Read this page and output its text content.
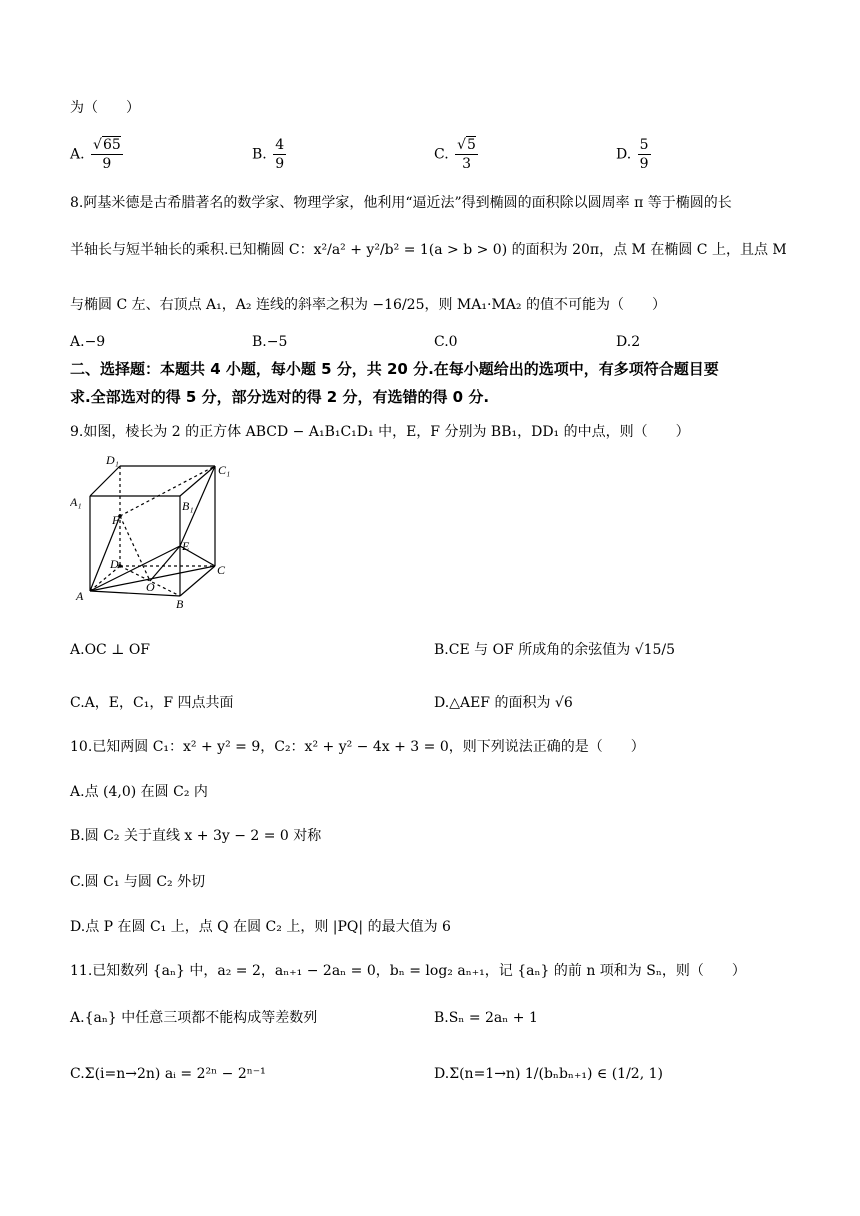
为（　　）
A. √ $\frac{65}{9}$	B. $\frac{4}{9}$	C. √ $\frac{5}{3}$	D. $\frac{5}{9}$
8.阿基米德是古希腊著名的数学家、物理学家，他利用“逼近法”得到椭圆的面积除以圆周率 π 等于椭圆的长
半轴长与短半轴长的乘积.已知椭圆 C：x²/a² + y²/b² = 1(a > b > 0) 的面积为 20π，点 M 在椭圆 C 上，且点 M
与椭圆 C 左、右顶点 A₁，A₂ 连线的斜率之积为 −16/25，则 MA₁·MA₂ 的值不可能为（　　）
A.−9	B.−5	C.0	D.2
二、选择题：本题共 4 小题，每小题 5 分，共 20 分.在每小题给出的选项中，有多项符合题目要
求.全部选对的得 5 分，部分选对的得 2 分，有选错的得 0 分.
9.如图，棱长为 2 的正方体 ABCD − A₁B₁C₁D₁ 中，E，F 分别为 BB₁，DD₁ 的中点，则（　　）
D₁
C₁
A₁	B₁
F
E
D	C
O
A
B
A.OC ⊥ OF	B.CE 与 OF 所成角的余弦值为 √15/5
C.A，E，C₁，F 四点共面	D.△AEF 的面积为 √6
10.已知两圆 C₁：x² + y² = 9，C₂：x² + y² − 4x + 3 = 0，则下列说法正确的是（　　）
A.点 (4,0) 在圆 C₂ 内
B.圆 C₂ 关于直线 x + 3y − 2 = 0 对称
C.圆 C₁ 与圆 C₂ 外切
D.点 P 在圆 C₁ 上，点 Q 在圆 C₂ 上，则 |PQ| 的最大值为 6
11.已知数列 {aₙ} 中，a₂ = 2，aₙ₊₁ − 2aₙ = 0，bₙ = log₂ aₙ₊₁，记 {aₙ} 的前 n 项和为 Sₙ，则（　　）
A.{aₙ} 中任意三项都不能构成等差数列	B.Sₙ = 2aₙ + 1
C.Σ(i=n→2n) aᵢ = 2²ⁿ − 2ⁿ⁻¹	D.Σ(n=1→n) 1/(bₙbₙ₊₁) ∈ (1/2, 1)
